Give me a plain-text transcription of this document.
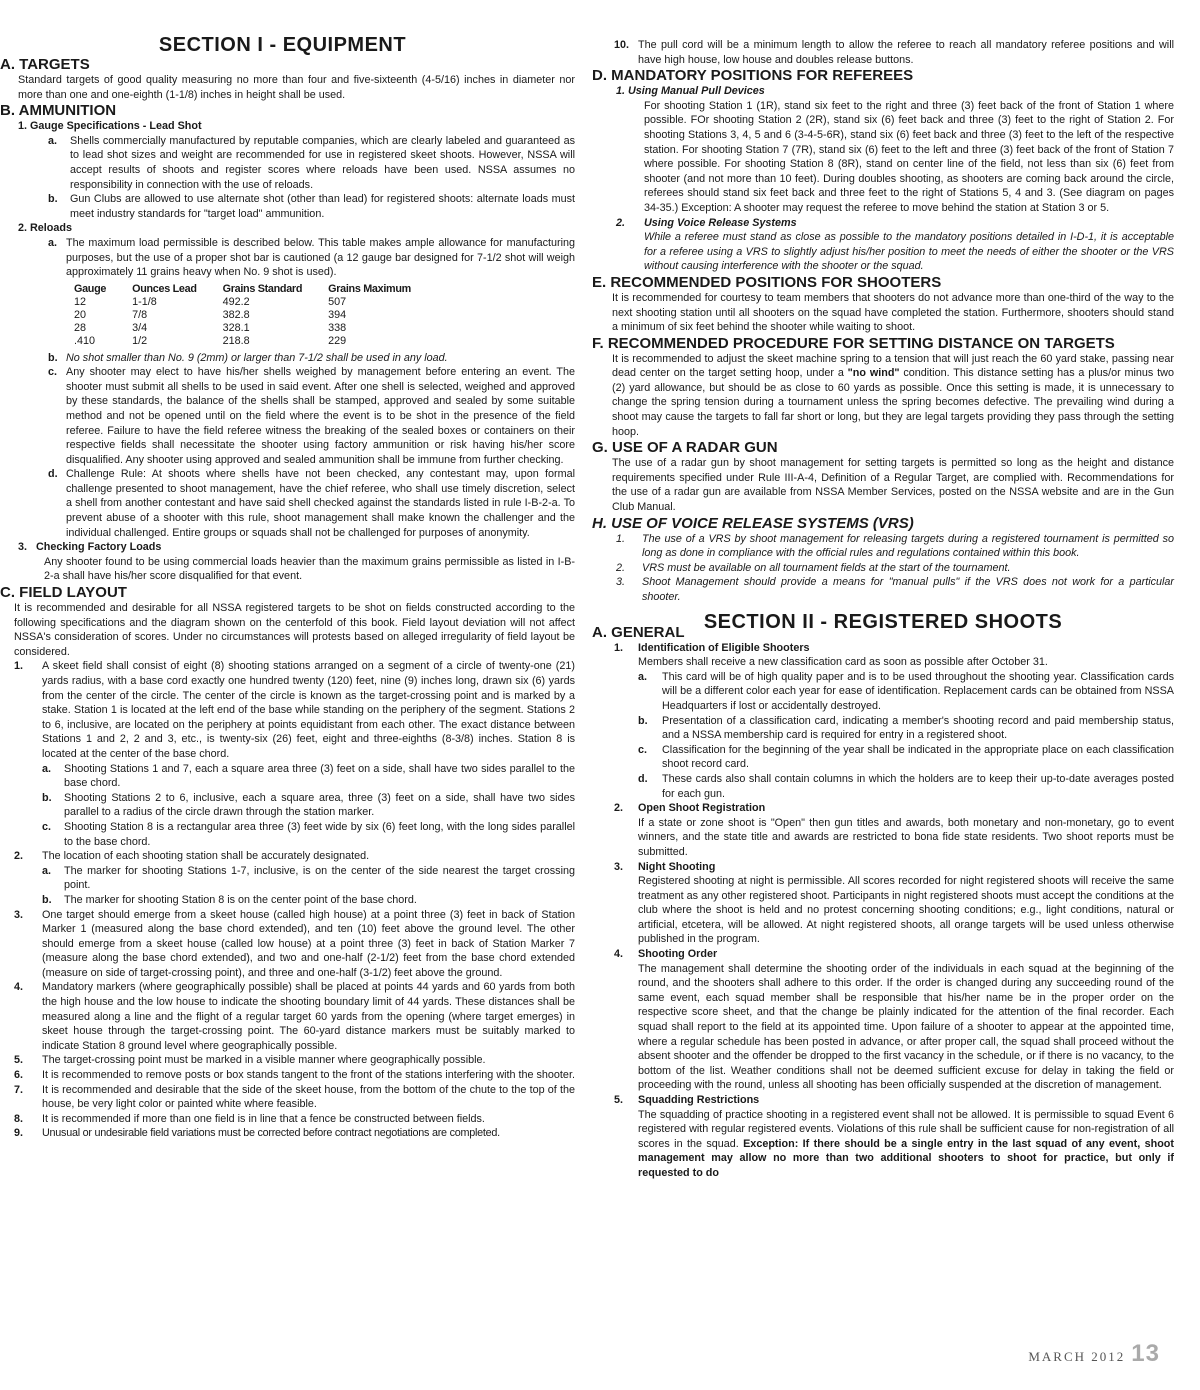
SECTION I - EQUIPMENT
A. TARGETS

Standard targets of good quality measuring no more than four and five-sixteenth (4-5/16) inches in diameter nor more than one and one-eighth (1-1/8) inches in height shall be used.

B. AMMUNITION
1. Gauge Specifications - Lead Shot
a.	Shells commercially manufactured by reputable companies, which are clearly labeled and guaranteed as to lead shot sizes and weight are recommended for use in registered skeet shoots. However, NSSA will accept results of shoots and register scores where reloads have been used. NSSA assumes no responsibility in connection with the use of reloads.
b.	Gun Clubs are allowed to use alternate shot (other than lead) for registered shoots: alternate loads must meet industry standards for "target load" ammunition.
2. Reloads
a. The maximum load permissible is described below. This table makes ample allowance for manufacturing purposes, but the use of a proper shot bar is cautioned (a 12 gauge bar designed for 7-1/2 shot will weigh approximately 11 grains heavy when No. 9 shot is used).
Gauge	Ounces Lead	Grains Standard	Grains Maximum
12	1-1/8	492.2	507
20	7/8	382.8	394
28	3/4	328.1	338
.410	1/2	218.8	229
b. No shot smaller than No. 9 (2mm) or larger than 7-1/2 shall be used in any load.
c. Any shooter may elect to have his/her shells weighed by management before entering an event. The shooter must submit all shells to be used in said event. After one shell is selected, weighed and approved by these standards, the balance of the shells shall be stamped, approved and sealed by some suitable method and not be opened until on the field where the event is to be shot in the presence of the field referee. Failure to have the field referee witness the breaking of the sealed boxes or containers on their respective fields shall necessitate the shooter using factory ammunition or risk having his/her score disqualified. Any shooter using approved and sealed ammunition shall be immune from further checking.
d. Challenge Rule: At shoots where shells have not been checked, any contestant may, upon formal challenge presented to shoot management, have the chief referee, who shall use timely discretion, select a shell from another contestant and have said shell checked against the standards listed in rule I-B-2-a. To prevent abuse of a shooter with this rule, shoot management shall make known the challenger and the individual challenged. Entire groups or squads shall not be challenged for purposes of anonymity.
3.   Checking Factory Loads

Any shooter found to be using commercial loads heavier than the maximum grains permissible as listed in I-B-2-a shall have his/her score disqualified for that event.

C. FIELD LAYOUT

It is recommended and desirable for all NSSA registered targets to be shot on fields constructed according to the following specifications and the diagram shown on the centerfold of this book. Field layout deviation will not affect NSSA's consideration of scores. Under no circumstances will protests based on alleged irregularity of field layout be considered.

1.	A skeet field shall consist of eight (8) shooting stations arranged on a segment of a circle of twenty-one (21) yards radius, with a base cord exactly one hundred twenty (120) feet, nine (9) inches long, drawn six (6) yards from the center of the circle. The center of the circle is known as the target-crossing point and is marked by a stake. Station 1 is located at the left end of the base while standing on the periphery of the segment. Stations 2 to 6, inclusive, are located on the periphery at points equidistant from each other. The exact distance between Stations 1 and 2, 2 and 3, etc., is twenty-six (26) feet, eight and three-eighths (8-3/8) inches. Station 8 is located at the center of the base chord.
a.	Shooting Stations 1 and 7, each a square area three (3) feet on a side, shall have two sides parallel to the base chord.
b.	Shooting Stations 2 to 6, inclusive, each a square area, three (3) feet on a side, shall have two sides parallel to a radius of the circle drawn through the station marker.
c.	Shooting Station 8 is a rectangular area three (3) feet wide by six (6) feet long, with the long sides parallel to the base chord.
2.	The location of each shooting station shall be accurately designated.
a.	The marker for shooting Stations 1-7, inclusive, is on the center of the side nearest the target crossing point.
b.	The marker for shooting Station 8 is on the center point of the base chord.
3.	One target should emerge from a skeet house (called high house) at a point three (3) feet in back of Station Marker 1 (measured along the base chord extended), and ten (10) feet above the ground level. The other should emerge from a skeet house (called low house) at a point three (3) feet in back of Station Marker 7 (measure along the base chord extended), and two and one-half (2-1/2) feet from the base chord extended (measure on side of target-crossing point), and three and one-half (3-1/2) feet above the ground.
4.	Mandatory markers (where geographically possible) shall be placed at points 44 yards and 60 yards from both the high house and the low house to indicate the shooting boundary limit of 44 yards. These distances shall be measured along a line and the flight of a regular target 60 yards from the opening (where target emerges) in skeet house through the target-crossing point. The 60-yard distance markers must be suitably marked to indicate Station 8 ground level where geographically possible.
5.	The target-crossing point must be marked in a visible manner where geographically possible.
6.	It is recommended to remove posts or box stands tangent to the front of the stations interfering with the shooter.
7.	It is recommended and desirable that the side of the skeet house, from the bottom of the chute to the top of the house, be very light color or painted white where feasible.
8.	It is recommended if more than one field is in line that a fence be constructed between fields.
9.	Unusual or undesirable field variations must be corrected before contract negotiations are completed.
10. The pull cord will be a minimum length to allow the referee to reach all mandatory referee positions and will have high house, low house and doubles release buttons.
D. MANDATORY POSITIONS FOR REFEREES
1. Using Manual Pull Devices

For shooting Station 1 (1R), stand six feet to the right and three (3) feet back of the front of Station 1 where possible. FOr shooting Station 2 (2R), stand six (6) feet back and three (3) feet to the right of Station 2. For shooting Stations 3, 4, 5 and 6 (3-4-5-6R), stand six (6) feet back and three (3) feet to the left of the respective station. For shooting Station 7 (7R), stand six (6) feet to the left and three (3) feet back of the front of Station 7 where possible. For shooting Station 8 (8R), stand on center line of the field, not less than six (6) feet from shooter (and not more than 10 feet). During doubles shooting, as shooters are coming back around the circle, referees should stand six feet back and three feet to the right of Stations 5, 4 and 3. (See diagram on pages 34-35.) Exception: A shooter may request the referee to move behind the station at Station 3 or 5.

2.	Using Voice Release Systems

While a referee must stand as close as possible to the mandatory positions detailed in I-D-1, it is acceptable for a referee using a VRS to slightly adjust his/her position to meet the needs of either the shooter or the VRS without causing interference with the shooter or the squad.

E. RECOMMENDED POSITIONS FOR SHOOTERS

It is recommended for courtesy to team members that shooters do not advance more than one-third of the way to the next shooting station until all shooters on the squad have completed the station. Furthermore, shooters should stand a minimum of six feet behind the shooter while waiting to shoot.

F. RECOMMENDED PROCEDURE FOR SETTING DISTANCE ON TARGETS

It is recommended to adjust the skeet machine spring to a tension that will just reach the 60 yard stake, passing near dead center on the target setting hoop, under a "no wind" condition. This distance setting has a plus/or minus two (2) yard allowance, but should be as close to 60 yards as possible. Once this setting is made, it is unnecessary to change the spring tension during a tournament unless the spring becomes defective. The prevailing wind during a shoot may cause the targets to fall far short or long, but they are legal targets providing they pass through the setting hoop.

G. USE OF A RADAR GUN

The use of a radar gun by shoot management for setting targets is permitted so long as the height and distance requirements specified under Rule III-A-4, Definition of a Regular Target, are complied with. Recommendations for the use of a radar gun are available from NSSA Member Services, posted on the NSSA website and are in the Gun Club Manual.

H. USE OF VOICE RELEASE SYSTEMS (VRS)
1.	The use of a VRS by shoot management for releasing targets during a registered tournament is permitted so long as done in compliance with the official rules and regulations contained within this book.
2.	VRS must be available on all tournament fields at the start of the tournament.
3.	Shoot Management should provide a means for "manual pulls" if the VRS does not work for a particular shooter.
SECTION II - REGISTERED SHOOTS
A. GENERAL
1.	Identification of Eligible Shooters

Members shall receive a new classification card as soon as possible after October 31.

a.	This card will be of high quality paper and is to be used throughout the shooting year. Classification cards will be a different color each year for ease of identification. Replacement cards can be obtained from NSSA Headquarters if lost or accidentally destroyed.
b.	Presentation of a classification card, indicating a member's shooting record and paid membership status, and a NSSA membership card is required for entry in a registered shoot.
c.	Classification for the beginning of the year shall be indicated in the appropriate place on each classification shoot record card.
d.	These cards also shall contain columns in which the holders are to keep their up-to-date averages posted for each gun.
2.	Open Shoot Registration

If a state or zone shoot is "Open" then gun titles and awards, both monetary and non-monetary, go to event winners, and the state title and awards are restricted to bona fide state residents. Two shoot reports must be submitted.

3.	Night Shooting

Registered shooting at night is permissible. All scores recorded for night registered shoots will receive the same treatment as any other registered shoot. Participants in night registered shoots must accept the conditions at the club where the shoot is held and no protest concerning shooting conditions; e.g., light conditions, natural or artificial, etcetera, will be allowed. At night registered shoots, all orange targets will be used unless otherwise published in the program.

4.	Shooting Order

The management shall determine the shooting order of the individuals in each squad at the beginning of the round, and the shooters shall adhere to this order. If the order is changed during any succeeding round of the same event, each squad member shall be responsible that his/her name be in the proper order on the respective score sheet, and that the change be plainly indicated for the attention of the final recorder. Each squad shall report to the field at its appointed time. Upon failure of a shooter to appear at the appointed time, where a regular schedule has been posted in advance, or after proper call, the squad shall proceed without the absent shooter and the offender be dropped to the first vacancy in the schedule, or if there is no vacancy, to the bottom of the list. Weather conditions shall not be deemed sufficient excuse for delay in taking the field or proceeding with the round, unless all shooting has been officially suspended at the discretion of management.

5.	Squadding Restrictions

The squadding of practice shooting in a registered event shall not be allowed. It is permissible to squad Event 6 registered with regular registered events. Violations of this rule shall be sufficient cause for non-registration of all scores in the squad. Exception: If there should be a single entry in the last squad of any event, shoot management may allow no more than two additional shooters to shoot for practice, but only if requested to do

MARCH 2012 13
